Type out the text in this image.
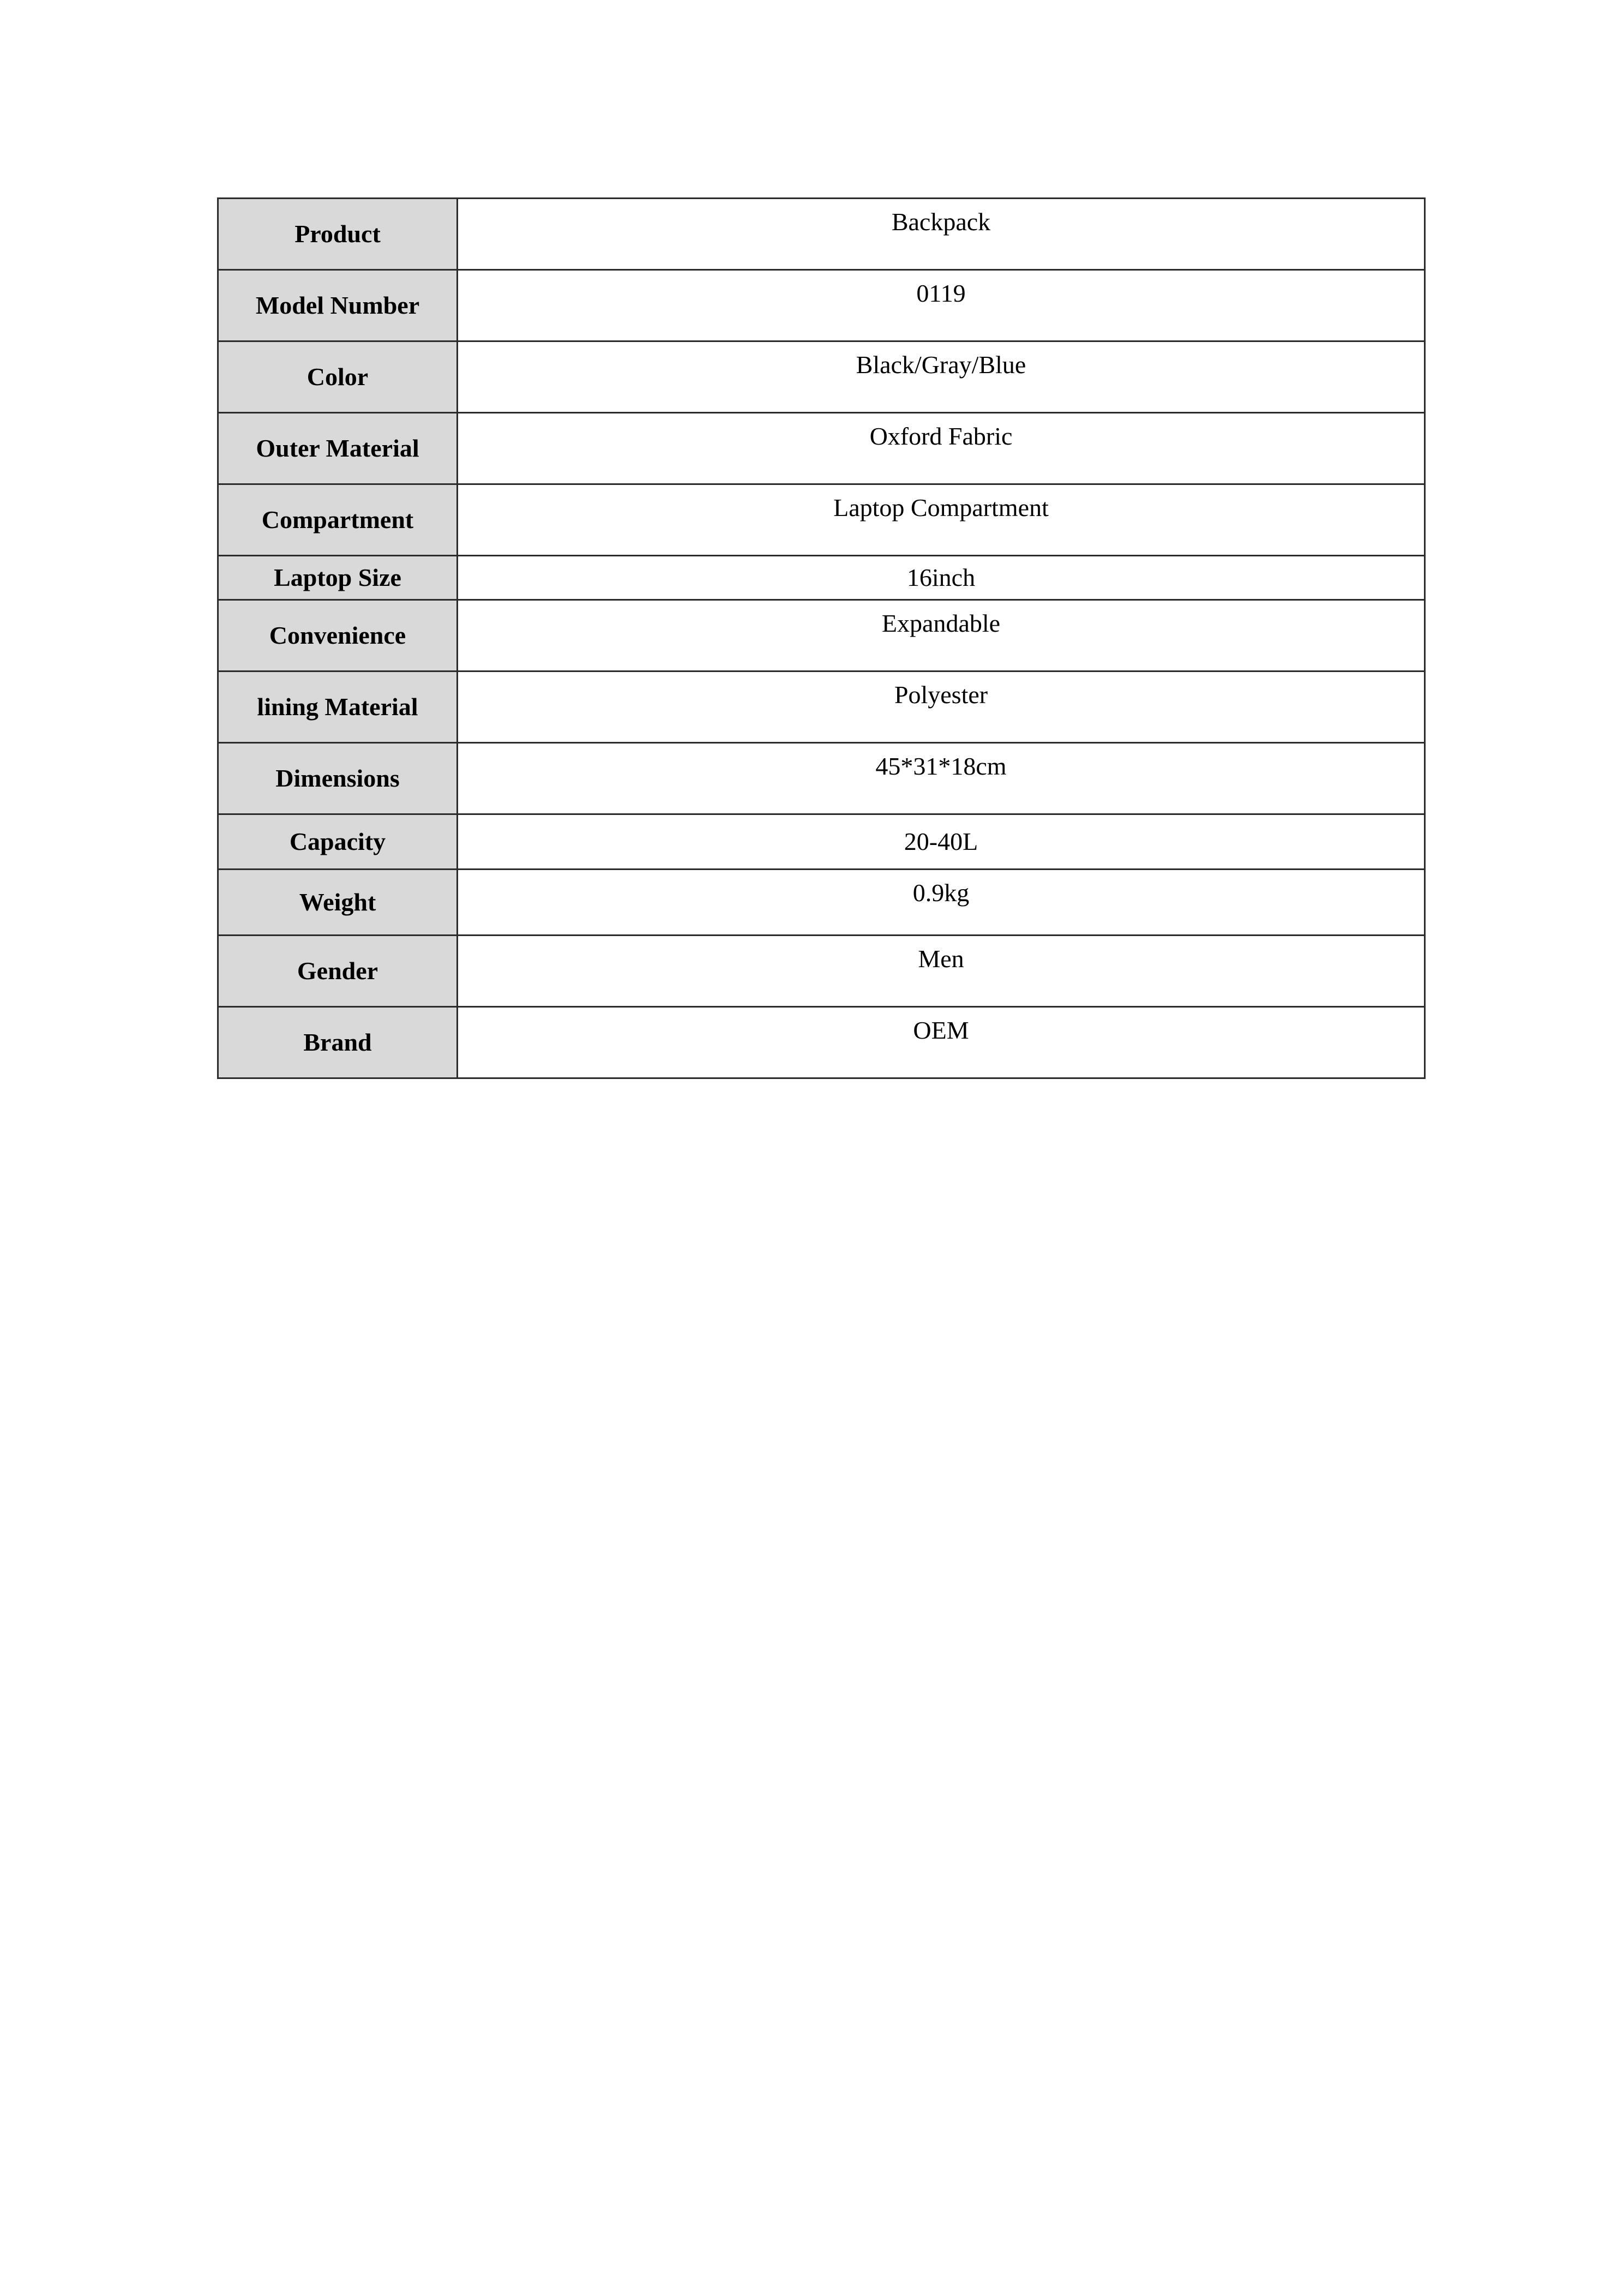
Product	Backpack
Model Number	0119
Color	Black/Gray/Blue
Outer Material	Oxford Fabric
Compartment	Laptop Compartment
Laptop Size	16inch
Convenience	Expandable
lining Material	Polyester
Dimensions	45*31*18cm
Capacity	20-40L
Weight	0.9kg
Gender	Men
Brand	OEM
